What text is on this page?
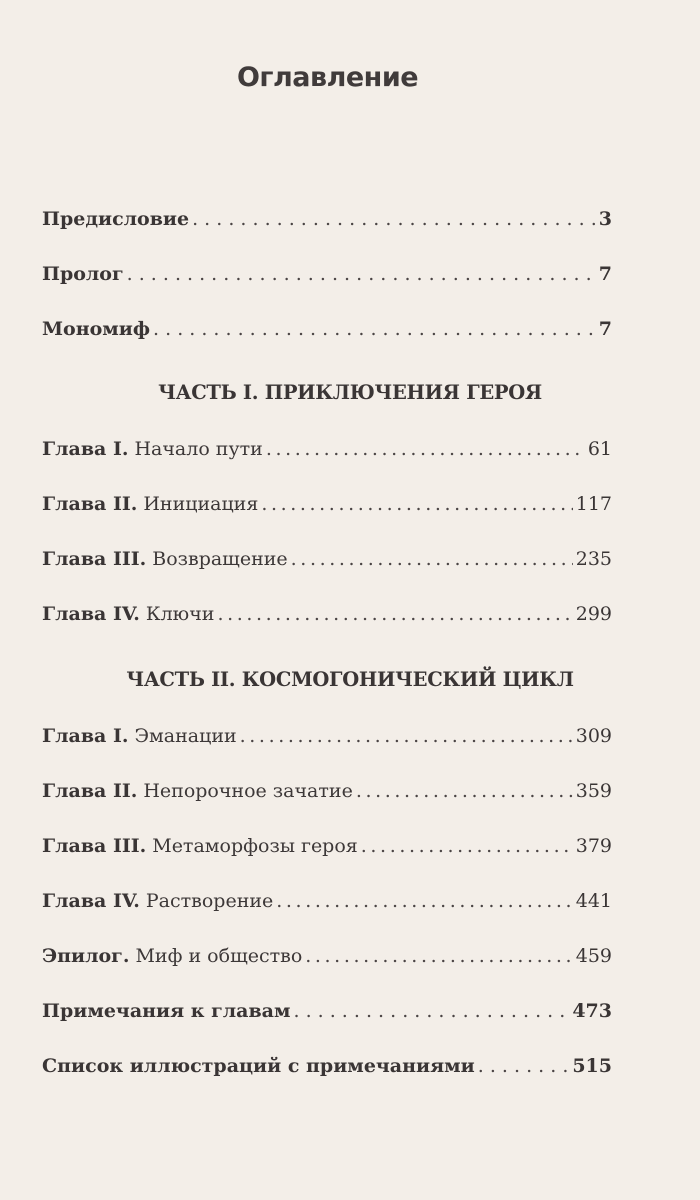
Оглавление
Предисловие . . .	3
Пролог . . .	7
Мономиф . . .	7
ЧАСТЬ I. ПРИКЛЮЧЕНИЯ ГЕРОЯ
Глава I. Начало пути .....	61
Глава II. Инициация .....	117
Глава III. Возвращение .....	235
Глава IV. Ключи .....	299
ЧАСТЬ II. КОСМОГОНИЧЕСКИЙ ЦИКЛ
Глава I. Эманации .....	309
Глава II. Непорочное зачатие .....	359
Глава III. Метаморфозы героя .....	379
Глава IV. Растворение .....	441
Эпилог. Миф и общество .....	459
Примечания к главам . . .	473
Список иллюстраций с примечаниями . . .	515
